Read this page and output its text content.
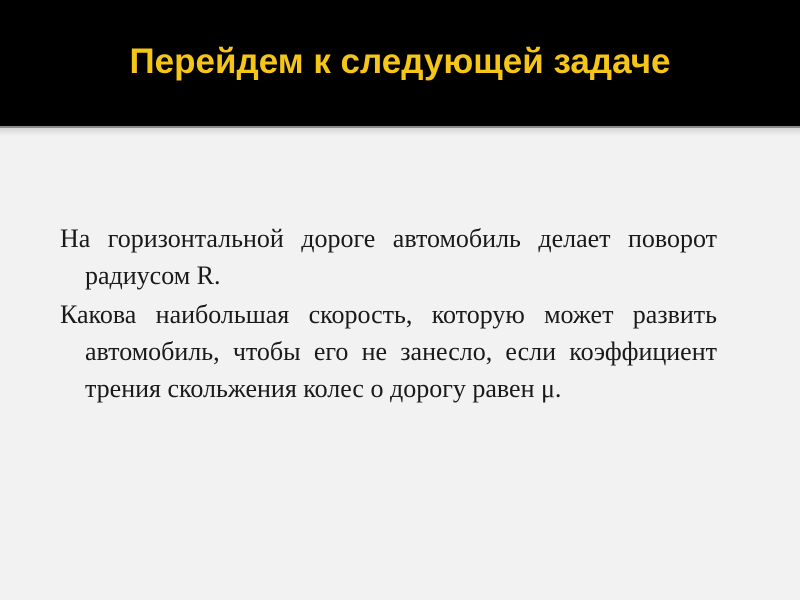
Перейдем к следующей задаче

На горизонтальной дороге автомобиль делает поворот радиусом R.

Какова наибольшая скорость, которую может развить автомобиль, чтобы его не занесло, если коэффициент трения скольжения колес о дорогу равен μ.
